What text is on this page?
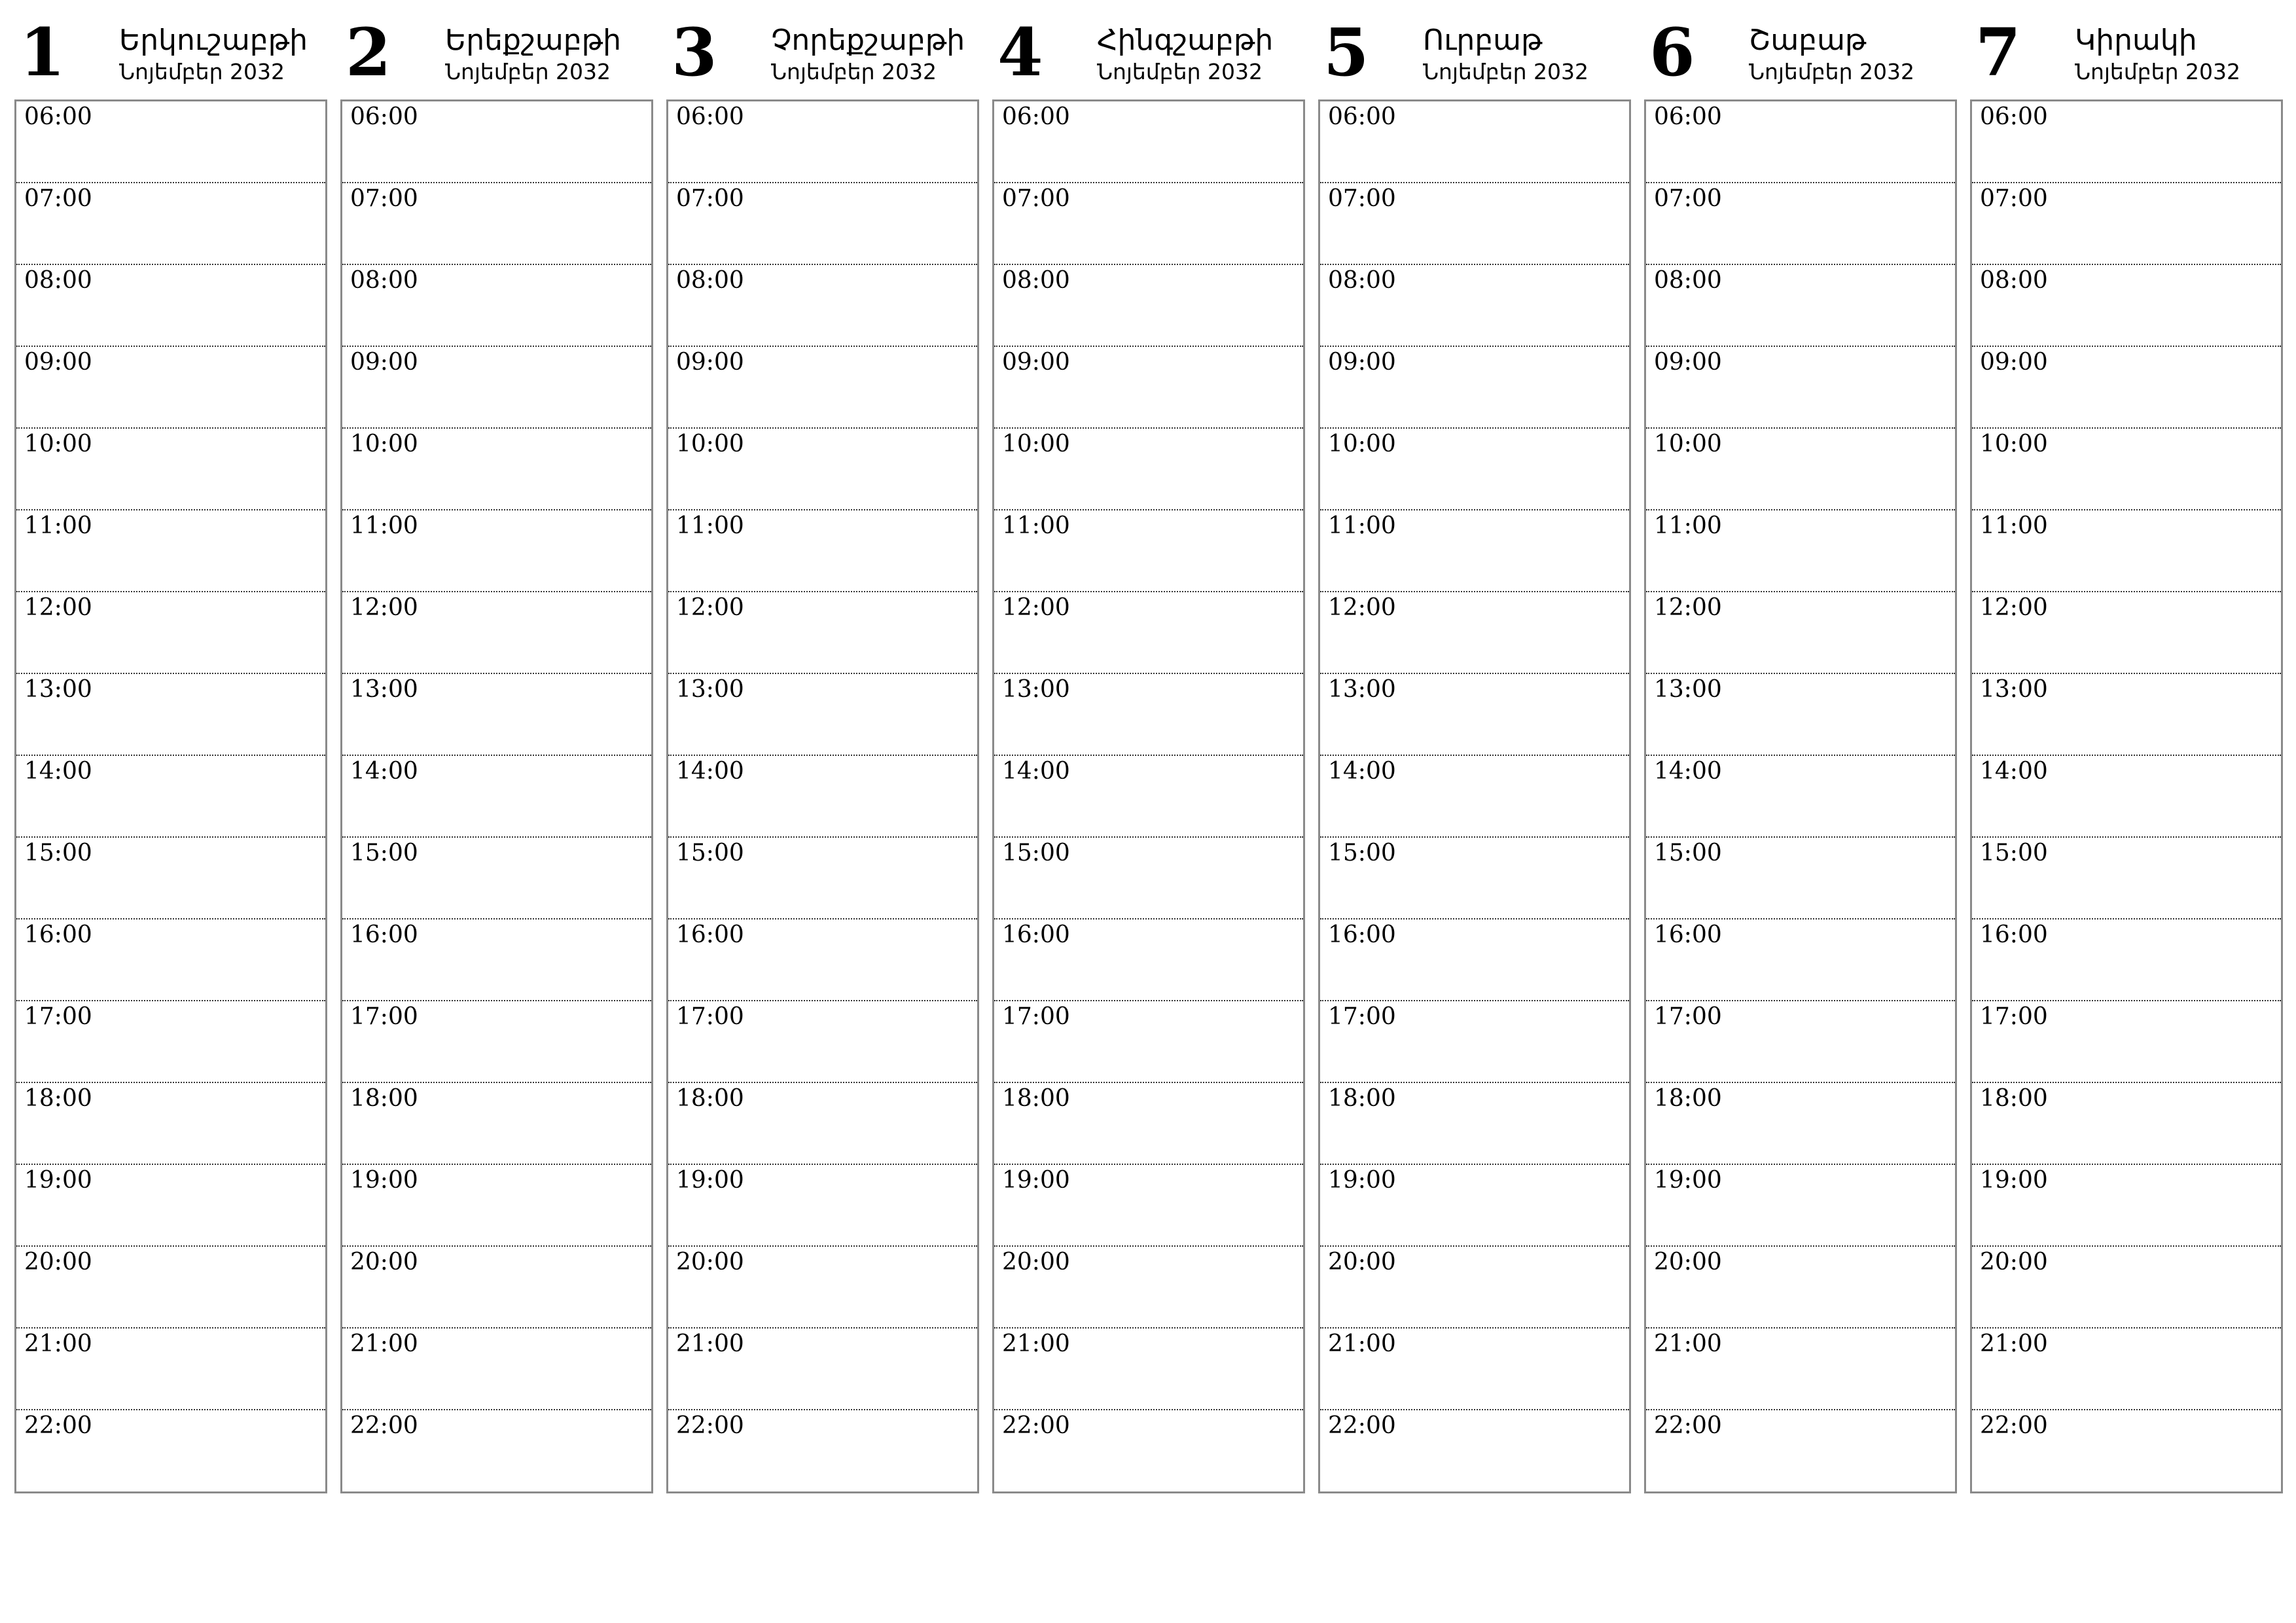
1 Երկուշաբթի
Նոյեմբեր 2032
06:00
07:00
08:00
09:00
10:00
11:00
12:00
13:00
14:00
15:00
16:00
17:00
18:00
19:00
20:00
21:00
22:00
2 Երեքշաբթի
Նոյեմբեր 2032
06:00
07:00
08:00
09:00
10:00
11:00
12:00
13:00
14:00
15:00
16:00
17:00
18:00
19:00
20:00
21:00
22:00
3 Չորեքշաբթի
Նոյեմբեր 2032
06:00
07:00
08:00
09:00
10:00
11:00
12:00
13:00
14:00
15:00
16:00
17:00
18:00
19:00
20:00
21:00
22:00
4 Հինգշաբթի
Նոյեմբեր 2032
06:00
07:00
08:00
09:00
10:00
11:00
12:00
13:00
14:00
15:00
16:00
17:00
18:00
19:00
20:00
21:00
22:00
5 Ուրբաթ
Նոյեմբեր 2032
06:00
07:00
08:00
09:00
10:00
11:00
12:00
13:00
14:00
15:00
16:00
17:00
18:00
19:00
20:00
21:00
22:00
6 Շաբաթ
Նոյեմբեր 2032
06:00
07:00
08:00
09:00
10:00
11:00
12:00
13:00
14:00
15:00
16:00
17:00
18:00
19:00
20:00
21:00
22:00
7 Կիրակի
Նոյեմբեր 2032
06:00
07:00
08:00
09:00
10:00
11:00
12:00
13:00
14:00
15:00
16:00
17:00
18:00
19:00
20:00
21:00
22:00
